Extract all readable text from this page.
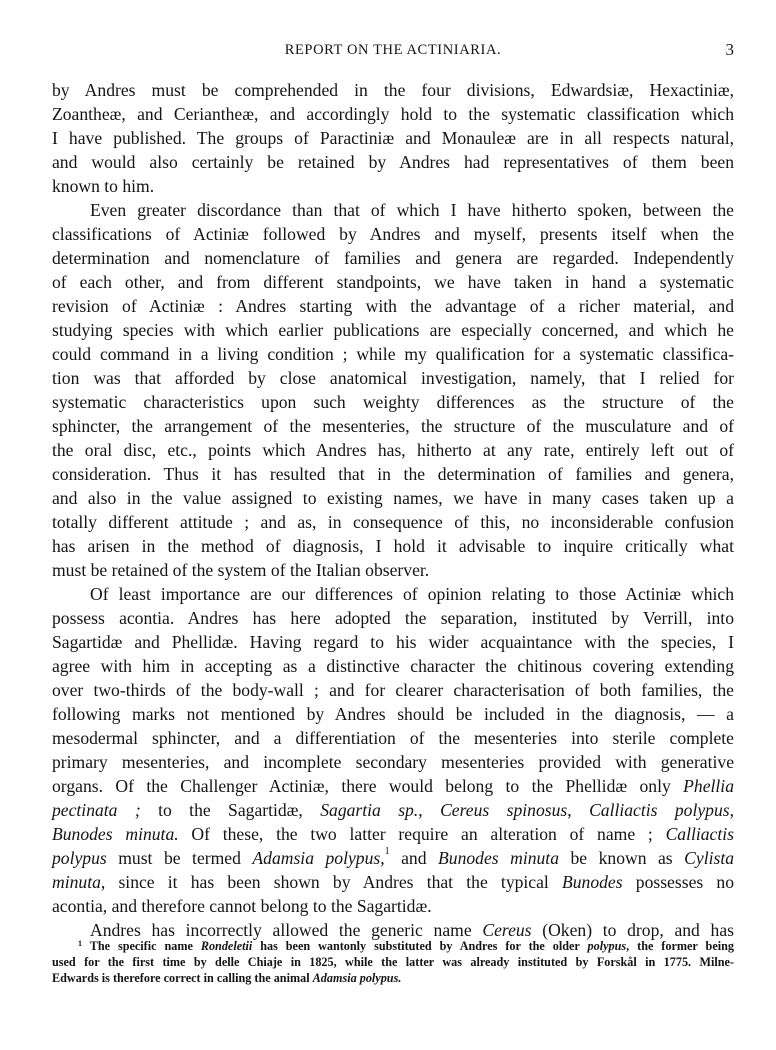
REPORT ON THE ACTINIARIA.	3
by Andres must be comprehended in the four divisions, Edwardsiæ, Hexactiniæ,
Zoantheæ, and Ceriantheæ, and accordingly hold to the systematic classification which
I have published. The groups of Paractiniæ and Monauleæ are in all respects natural,
and would also certainly be retained by Andres had representatives of them been
known to him.
Even greater discordance than that of which I have hitherto spoken, between the
classifications of Actiniæ followed by Andres and myself, presents itself when the
determination and nomenclature of families and genera are regarded. Independently
of each other, and from different standpoints, we have taken in hand a systematic
revision of Actiniæ : Andres starting with the advantage of a richer material, and
studying species with which earlier publications are especially concerned, and which he
could command in a living condition ; while my qualification for a systematic classifica-
tion was that afforded by close anatomical investigation, namely, that I relied for
systematic characteristics upon such weighty differences as the structure of the
sphincter, the arrangement of the mesenteries, the structure of the musculature and of
the oral disc, etc., points which Andres has, hitherto at any rate, entirely left out of
consideration. Thus it has resulted that in the determination of families and genera,
and also in the value assigned to existing names, we have in many cases taken up a
totally different attitude ; and as, in consequence of this, no inconsiderable confusion
has arisen in the method of diagnosis, I hold it advisable to inquire critically what
must be retained of the system of the Italian observer.
Of least importance are our differences of opinion relating to those Actiniæ which
possess acontia. Andres has here adopted the separation, instituted by Verrill, into
Sagartidæ and Phellidæ. Having regard to his wider acquaintance with the species, I
agree with him in accepting as a distinctive character the chitinous covering extending
over two-thirds of the body-wall ; and for clearer characterisation of both families, the
following marks not mentioned by Andres should be included in the diagnosis, — a
mesodermal sphincter, and a differentiation of the mesenteries into sterile complete
primary mesenteries, and incomplete secondary mesenteries provided with generative
organs. Of the Challenger Actiniæ, there would belong to the Phellidæ only Phellia
pectinata ; to the Sagartidæ, Sagartia sp., Cereus spinosus, Calliactis polypus,
Bunodes minuta. Of these, the two latter require an alteration of name ; Calliactis
polypus must be termed Adamsia polypus,$^1$ and Bunodes minuta be known as Cylista
minuta, since it has been shown by Andres that the typical Bunodes possesses no
acontia, and therefore cannot belong to the Sagartidæ.
Andres has incorrectly allowed the generic name Cereus (Oken) to drop, and has
$^1$ The specific name Rondeletii has been wantonly substituted by Andres for the older polypus, the former being
used for the first time by delle Chiaje in 1825, while the latter was already instituted by Forskål in 1775. Milne-
Edwards is therefore correct in calling the animal Adamsia polypus.
